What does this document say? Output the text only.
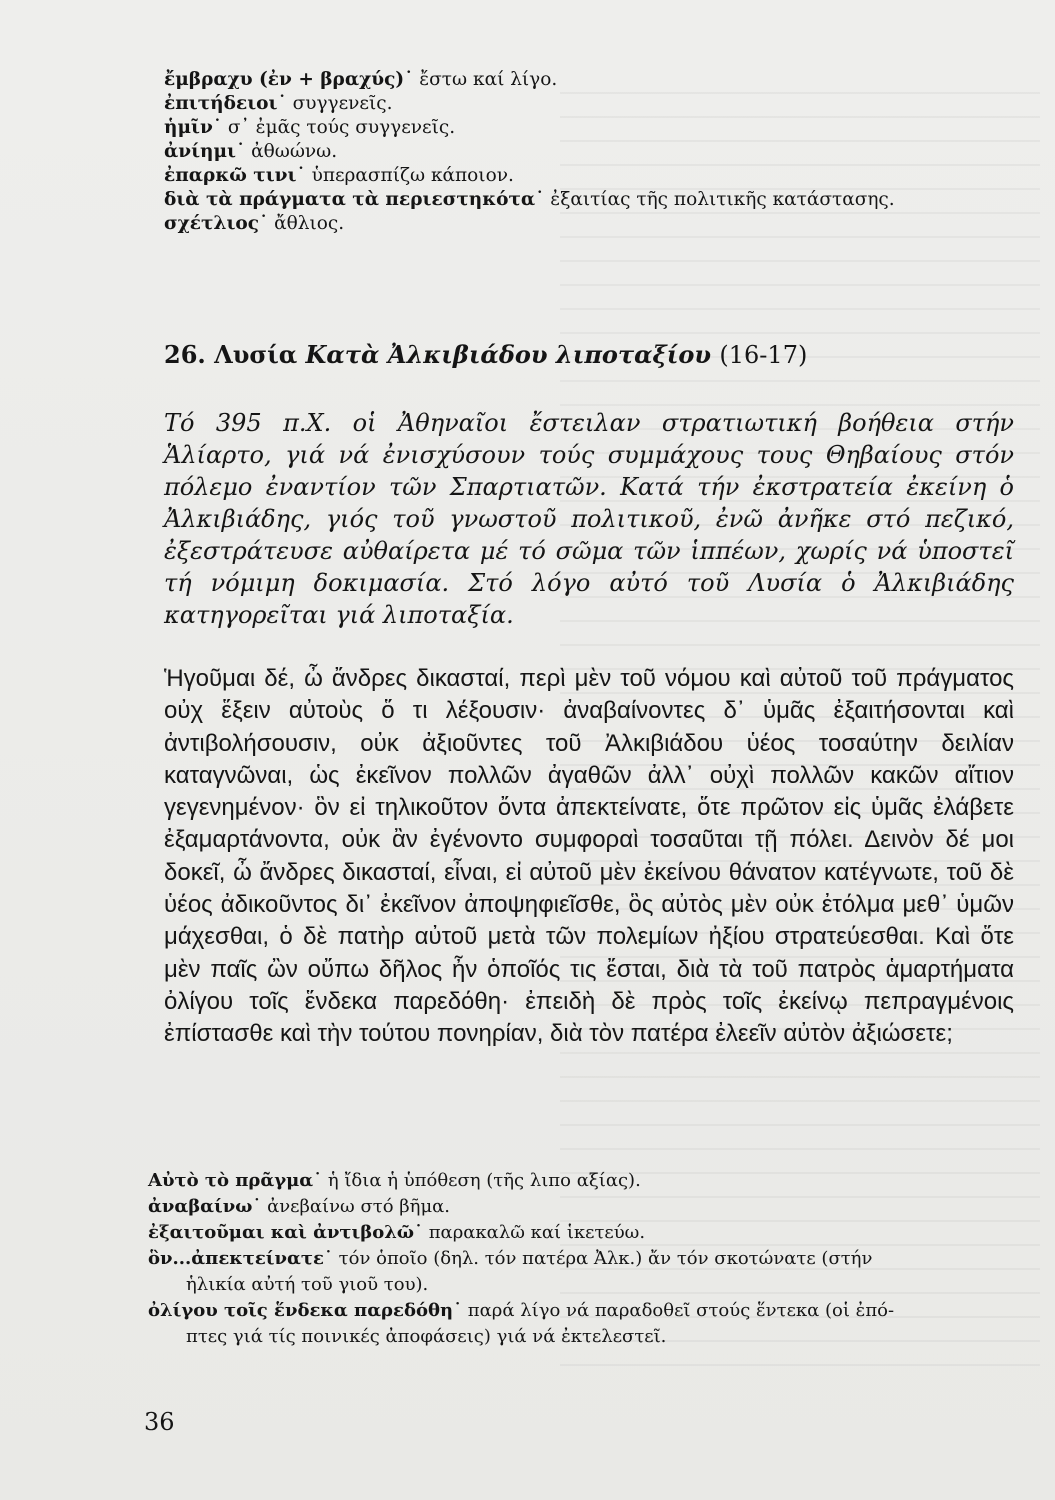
ἔμβραχυ (ἐν + βραχύς)˙ ἔστω καί λίγο.
ἐπιτήδειοι˙ συγγενεῖς.
ἡμῖν˙ σ᾽ ἐμᾶς τούς συγγενεῖς.
ἀνίημι˙ ἀθωώνω.
ἐπαρκῶ τινι˙ ὑπερασπίζω κάποιον.
διὰ τὰ πράγματα τὰ περιεστηκότα˙ ἐξαιτίας τῆς πολιτικῆς κατάστασης.
σχέτλιος˙ ἄθλιος.
26. Λυσία Κατὰ Ἀλκιβιάδου λιποταξίου (16-17)

Τό 395 π.Χ. οἱ Ἀθηναῖοι ἔστειλαν στρατιωτική βοήθεια στήν Ἁλίαρτο, γιά νά ἐνισχύσουν τούς συμμάχους τους Θηβαίους στόν πόλεμο ἐναντίον τῶν Σπαρτιατῶν. Κατά τήν ἐκστρατεία ἐκείνη ὁ Ἀλκιβιάδης, γιός τοῦ γνωστοῦ πολιτικοῦ, ἐνῶ ἀνῆκε στό πεζικό, ἐξεστράτευσε αὐθαίρετα μέ τό σῶμα τῶν ἱππέων, χωρίς νά ὑποστεῖ τή νόμιμη δοκιμασία. Στό λόγο αὐτό τοῦ Λυσία ὁ Ἀλκιβιάδης κατηγορεῖται γιά λιποταξία.

Ἡγοῦμαι δέ, ὦ ἄνδρες δικασταί, περὶ μὲν τοῦ νόμου καὶ αὐτοῦ τοῦ πράγματος οὐχ ἕξειν αὐτοὺς ὅ τι λέξουσιν· ἀναβαίνοντες δ᾽ ὑμᾶς ἐξαιτήσονται καὶ ἀντιβολήσουσιν, οὐκ ἀξιοῦντες τοῦ Ἀλκιβιάδου ὑέος τοσαύτην δειλίαν καταγνῶναι, ὡς ἐκεῖνον πολλῶν ἀγαθῶν ἀλλ᾽ οὐχὶ πολλῶν κακῶν αἴτιον γεγενημένον· ὃν εἰ τηλικοῦτον ὄντα ἀπεκτείνατε, ὅτε πρῶτον εἰς ὑμᾶς ἐλάβετε ἐξαμαρτάνοντα, οὐκ ἂν ἐγένοντο συμφοραὶ τοσαῦται τῇ πόλει. Δεινὸν δέ μοι δοκεῖ, ὦ ἄνδρες δικασταί, εἶναι, εἰ αὐτοῦ μὲν ἐκείνου θάνατον κατέγνωτε, τοῦ δὲ ὑέος ἀδικοῦντος δι᾽ ἐκεῖνον ἀποψηφιεῖσθε, ὃς αὐτὸς μὲν οὐκ ἐτόλμα μεθ᾽ ὑμῶν μάχεσθαι, ὁ δὲ πατὴρ αὐτοῦ μετὰ τῶν πολεμίων ἠξίου στρατεύεσθαι. Καὶ ὅτε μὲν παῖς ὢν οὔπω δῆλος ἦν ὁποῖός τις ἔσται, διὰ τὰ τοῦ πατρὸς ἁμαρτήματα ὀλίγου τοῖς ἕνδεκα παρεδόθη· ἐπειδὴ δὲ πρὸς τοῖς ἐκείνῳ πεπραγμένοις ἐπίστασθε καὶ τὴν τούτου πονηρίαν, διὰ τὸν πατέρα ἐλεεῖν αὐτὸν ἀξιώσετε;

Αὐτὸ τὸ πρᾶγμα˙ ἡ ἴδια ἡ ὑπόθεση (τῆς λιπο αξίας).
ἀναβαίνω˙ ἀνεβαίνω στό βῆμα.
ἐξαιτοῦμαι καὶ ἀντιβολῶ˙ παρακαλῶ καί ἱκετεύω.
ὃν...ἀπεκτείνατε˙ τόν ὁποῖο (δηλ. τόν πατέρα Ἀλκ.) ἄν τόν σκοτώνατε (στήν
ἡλικία αὐτή τοῦ γιοῦ του).
ὀλίγου τοῖς ἕνδεκα παρεδόθη˙ παρά λίγο νά παραδοθεῖ στούς ἕντεκα (οἱ ἐπό-
πτες γιά τίς ποινικές ἀποφάσεις) γιά νά ἐκτελεστεῖ.
36
